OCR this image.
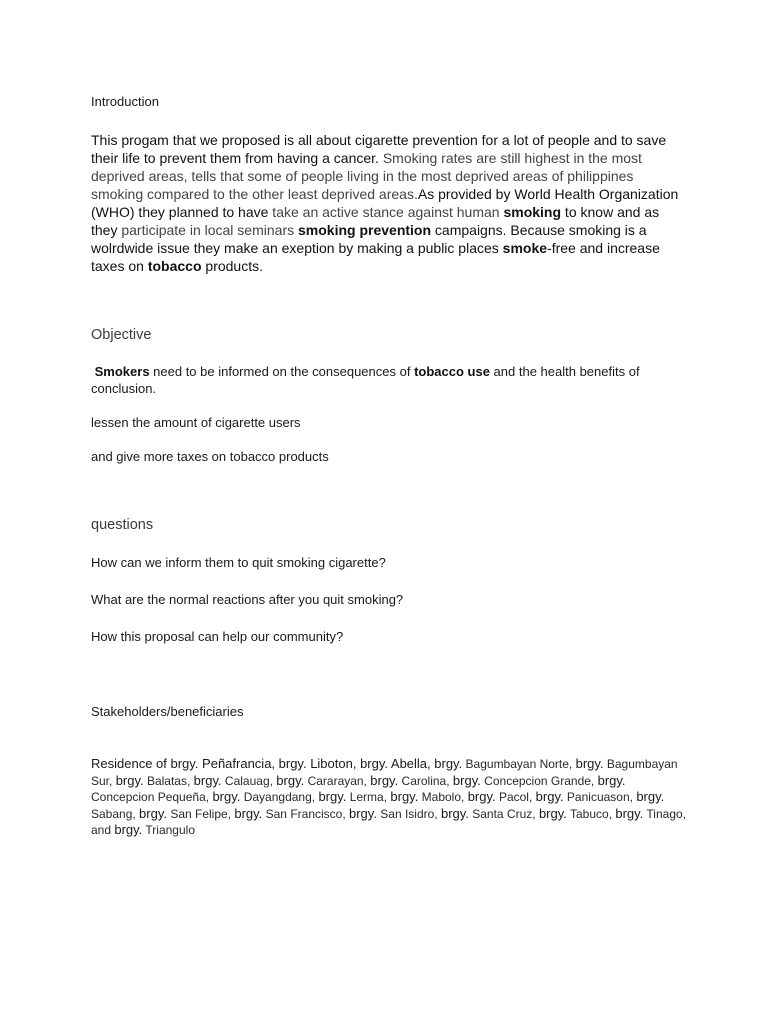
Introduction

This progam that we proposed is all about cigarette prevention for a lot of people and to save their life to prevent them from having a cancer. Smoking rates are still highest in the most deprived areas, tells that some of people living in the most deprived areas of philippines smoking compared to the other least deprived areas.As provided by World Health Organization (WHO) they planned to have take an active stance against human smoking to know and as they participate in local seminars smoking prevention campaigns. Because smoking is a wolrdwide issue they make an exeption by making a public places smoke-free and increase taxes on tobacco products.

Objective

Smokers need to be informed on the consequences of tobacco use and the health benefits of conclusion.

lessen the amount of cigarette users

and give more taxes on tobacco products

questions

How can we inform them to quit smoking cigarette?

What are the normal reactions after you quit smoking?

How this proposal can help our community?

Stakeholders/beneficiaries

Residence of brgy. Peñafrancia, brgy. Liboton, brgy. Abella, brgy. Bagumbayan Norte, brgy. Bagumbayan Sur, brgy. Balatas, brgy. Calauag, brgy. Cararayan, brgy. Carolina, brgy. Concepcion Grande, brgy. Concepcion Pequeña, brgy. Dayangdang, brgy. Lerma, brgy. Mabolo, brgy. Pacol, brgy. Panicuason, brgy. Sabang, brgy. San Felipe, brgy. San Francisco, brgy. San Isidro, brgy. Santa Cruz, brgy. Tabuco, brgy. Tinago, and brgy. Triangulo
